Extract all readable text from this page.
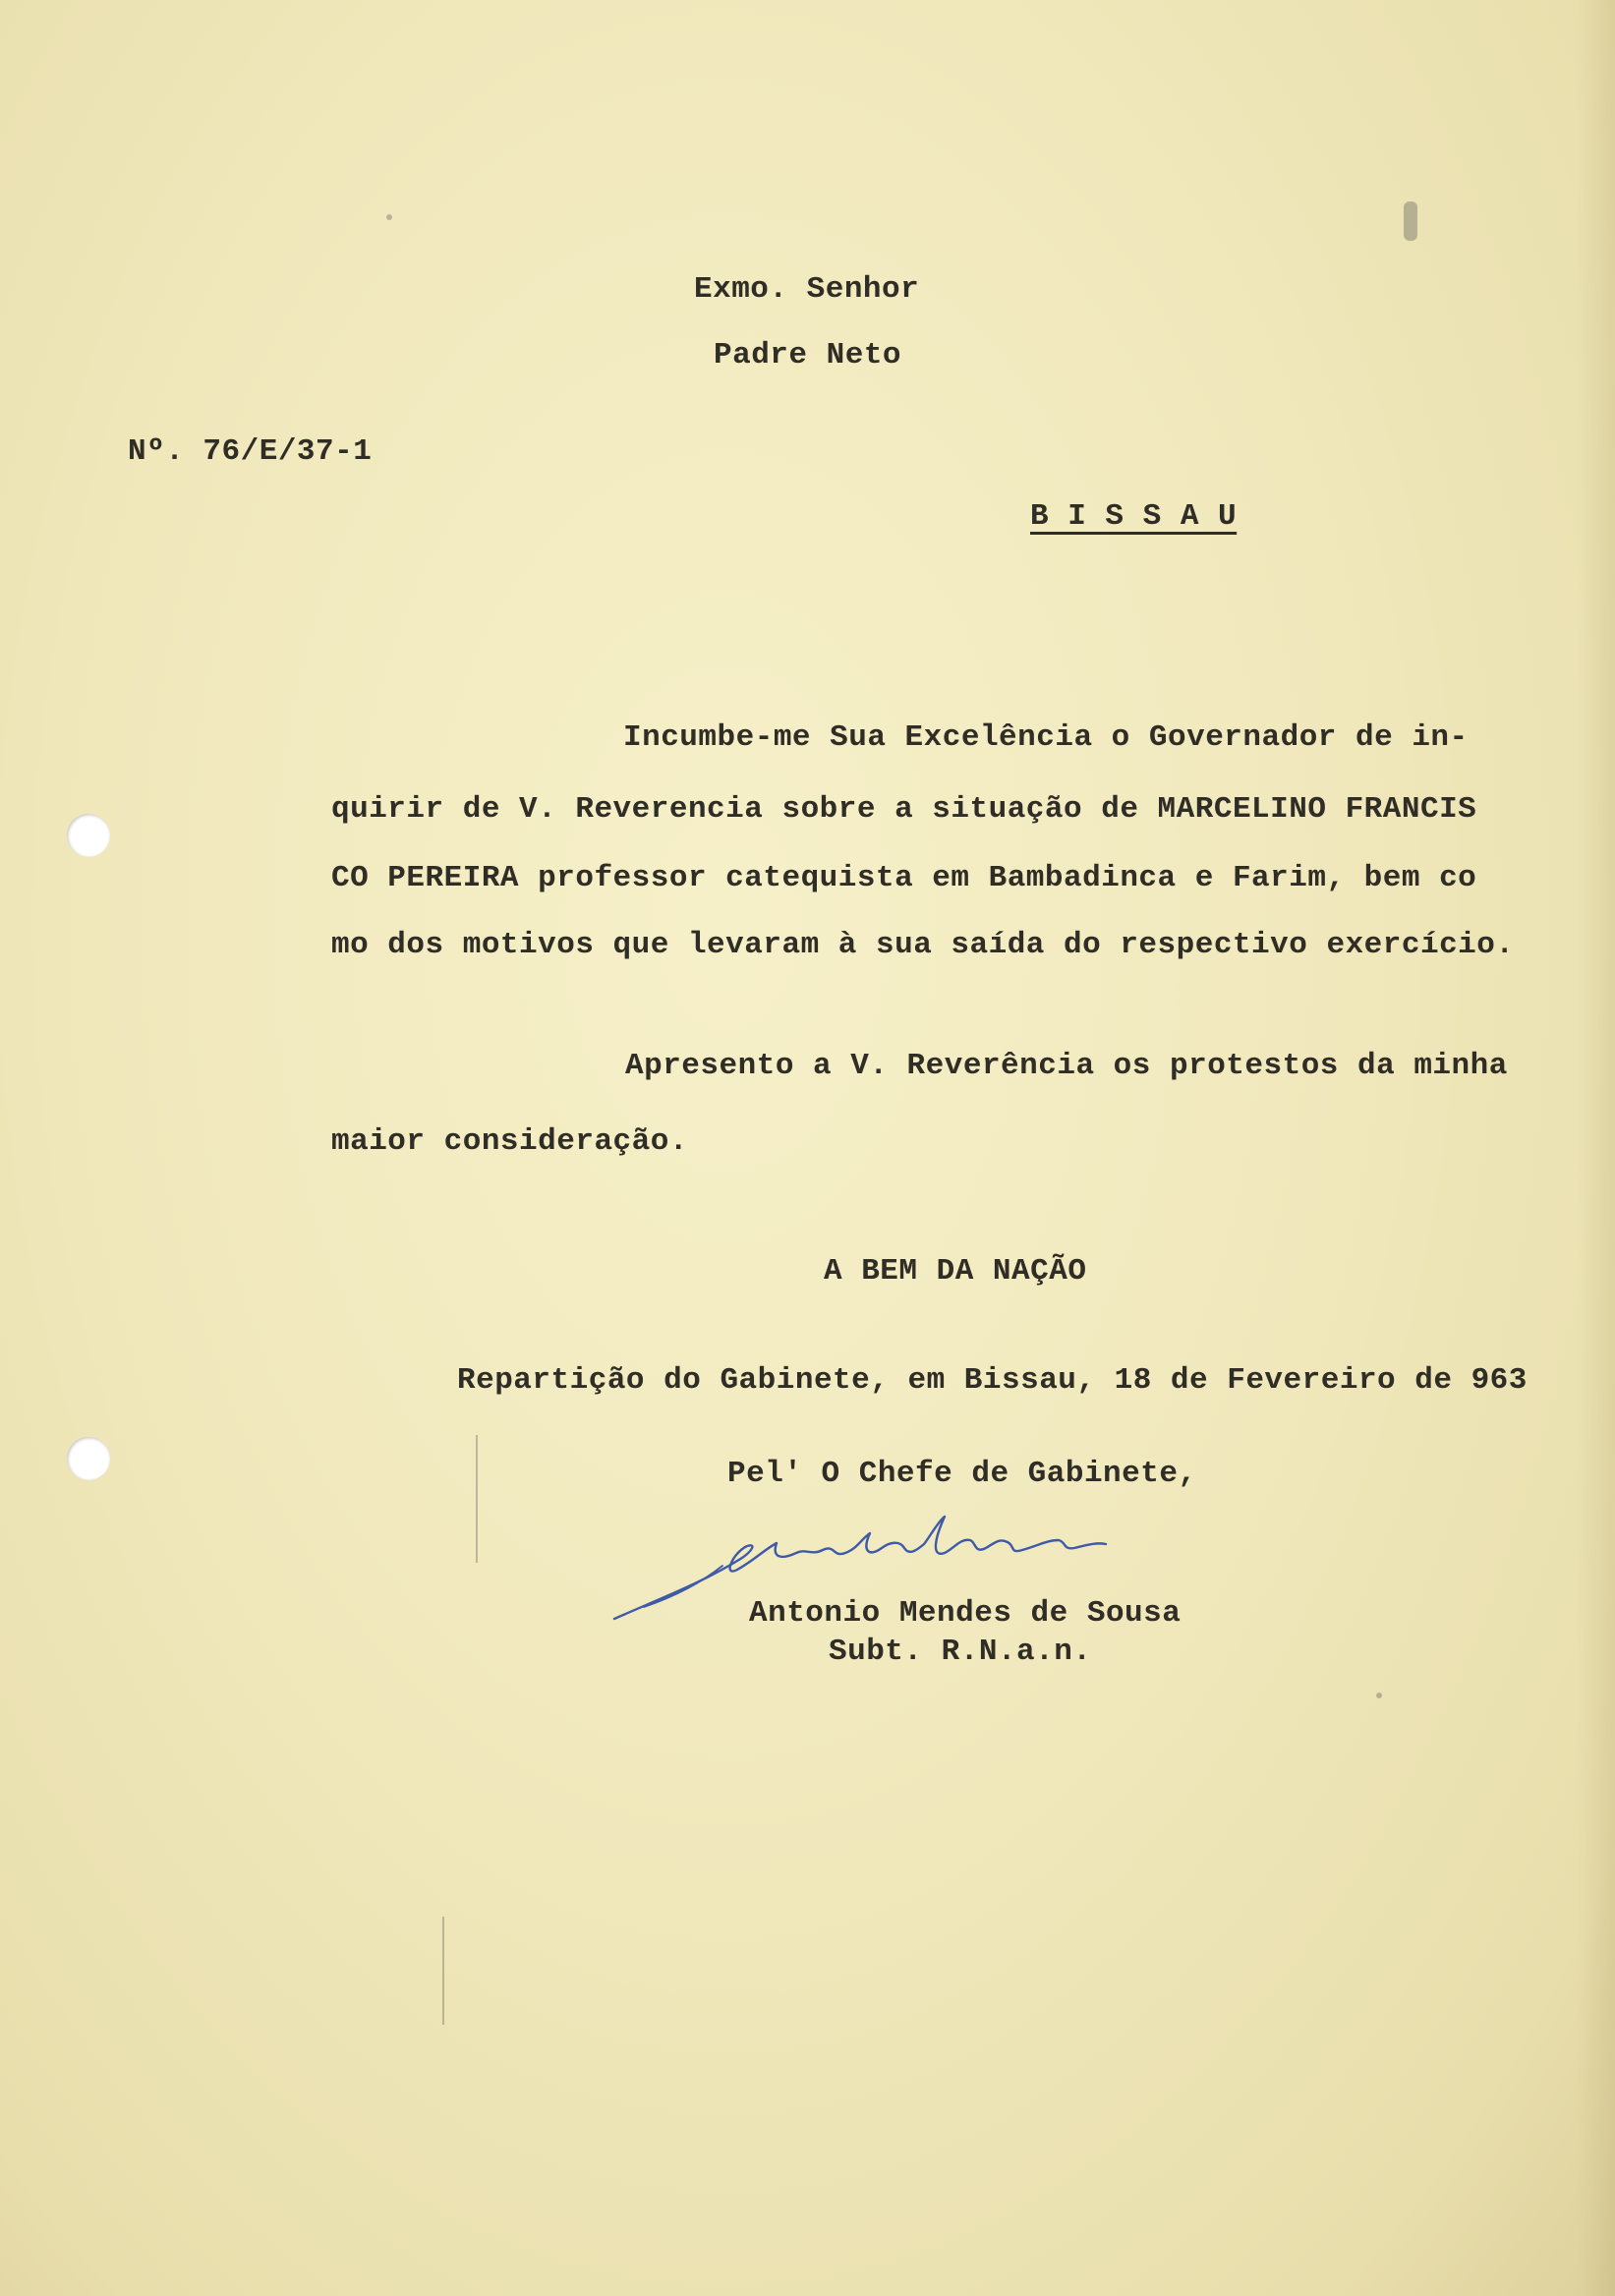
Exmo. Senhor
Padre Neto
Nº. 76/E/37-1
B I S S A U
Incumbe-me Sua Excelência o Governador de in-
quirir de V. Reverencia sobre a situação de MARCELINO FRANCIS
CO PEREIRA professor catequista em Bambadinca e Farim, bem co
mo dos motivos que levaram à sua saída do respectivo exercício.
Apresento a V. Reverência os protestos da minha
maior consideração.
A BEM DA NAÇÃO
Repartição do Gabinete, em Bissau, 18 de Fevereiro de 963
Pel' O Chefe de Gabinete,
Antonio Mendes de Sousa
Subt. R.N.a.n.
